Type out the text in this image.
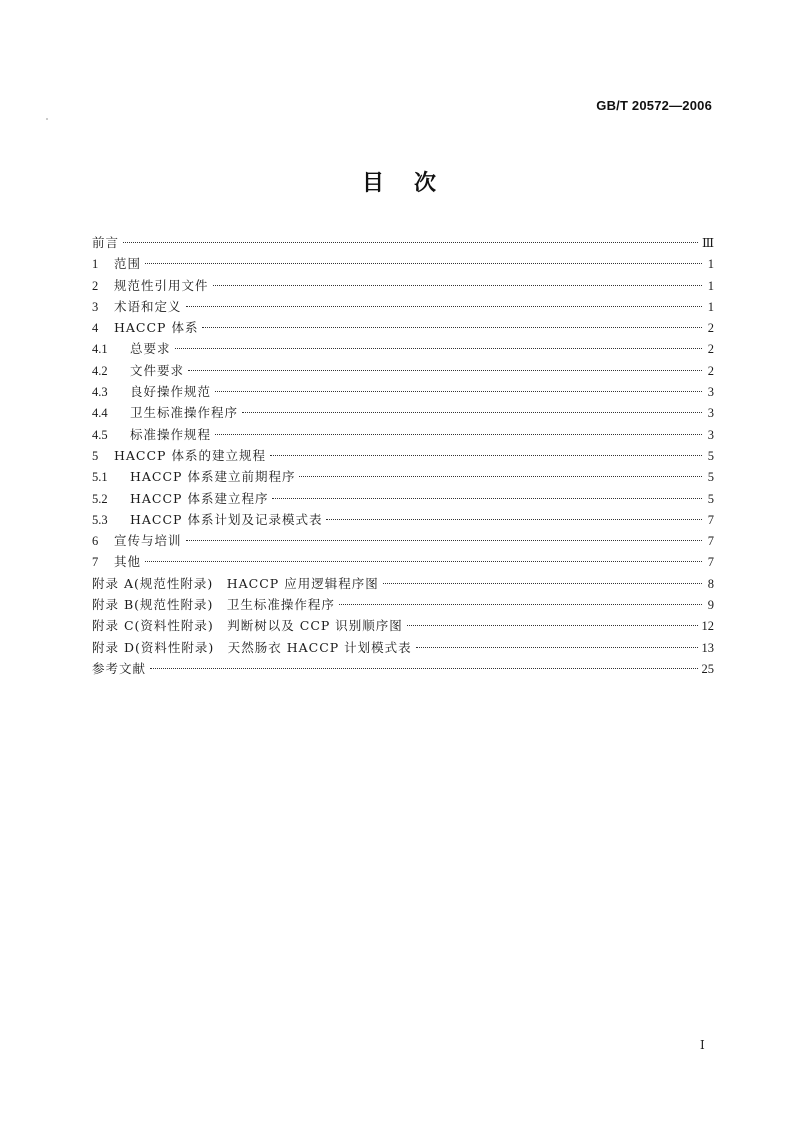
GB/T 20572—2006
目次
前言	Ⅲ
1	范围	1
2	规范性引用文件	1
3	术语和定义	1
4	HACCP 体系	2
4.1	总要求	2
4.2	文件要求	2
4.3	良好操作规范	3
4.4	卫生标准操作程序	3
4.5	标准操作规程	3
5	HACCP 体系的建立规程	5
5.1	HACCP 体系建立前期程序	5
5.2	HACCP 体系建立程序	5
5.3	HACCP 体系计划及记录模式表	7
6	宣传与培训	7
7	其他	7
附录 A(规范性附录)　HACCP 应用逻辑程序图	8
附录 B(规范性附录)　卫生标准操作程序	9
附录 C(资料性附录)　判断树以及 CCP 识别顺序图	12
附录 D(资料性附录)　天然肠衣 HACCP 计划模式表	13
参考文献	25
Ⅰ
